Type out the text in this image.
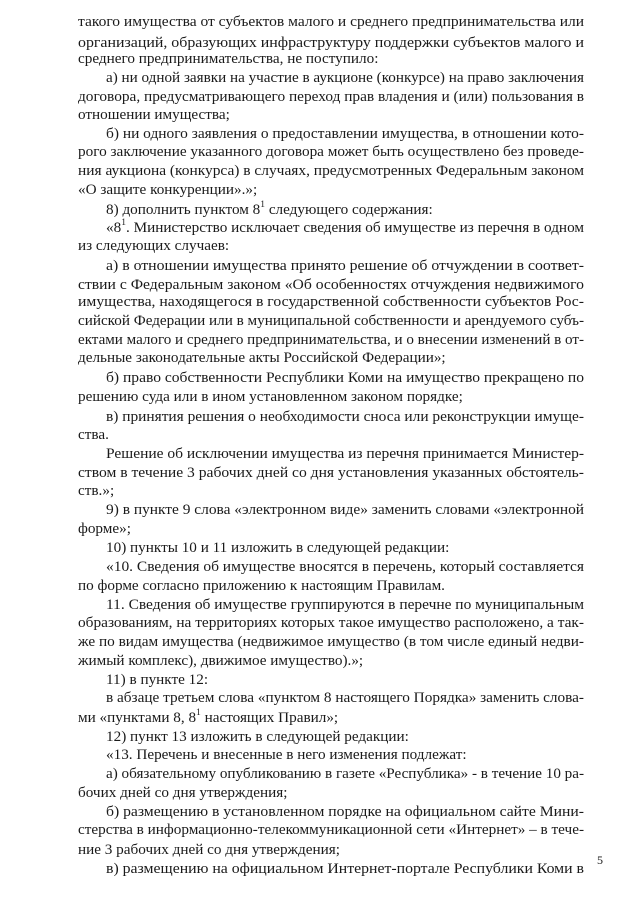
такого имущества от субъектов малого и среднего предпринимательства или
организаций, образующих инфраструктуру поддержки субъектов малого и
среднего предпринимательства, не поступило:
а) ни одной заявки на участие в аукционе (конкурсе) на право заключения
договора, предусматривающего переход прав владения и (или) пользования в
отношении имущества;
б) ни одного заявления о предоставлении имущества, в отношении кото-
рого заключение указанного договора может быть осуществлено без проведе-
ния аукциона (конкурса) в случаях, предусмотренных Федеральным законом
«О защите конкуренции».»;
8) дополнить пунктом $8^1$ следующего содержания:
«$8^1$. Министерство исключает сведения об имуществе из перечня в одном
из следующих случаев:
а) в отношении имущества принято решение об отчуждении в соответ-
ствии с Федеральным законом «Об особенностях отчуждения недвижимого
имущества, находящегося в государственной собственности субъектов Рос-
сийской Федерации или в муниципальной собственности и арендуемого субъ-
ектами малого и среднего предпринимательства, и о внесении изменений в от-
дельные законодательные акты Российской Федерации»;
б) право собственности Республики Коми на имущество прекращено по
решению суда или в ином установленном законом порядке;
в) принятия решения о необходимости сноса или реконструкции имуще-
ства.
Решение об исключении имущества из перечня принимается Министер-
ством в течение 3 рабочих дней со дня установления указанных обстоятель-
ств.»;
9) в пункте 9 слова «электронном виде» заменить словами «электронной
форме»;
10) пункты 10 и 11 изложить в следующей редакции:
«10. Сведения об имуществе вносятся в перечень, который составляется
по форме согласно приложению к настоящим Правилам.
11. Сведения об имуществе группируются в перечне по муниципальным
образованиям, на территориях которых такое имущество расположено, а так-
же по видам имущества (недвижимое имущество (в том числе единый недви-
жимый комплекс), движимое имущество).»;
11) в пункте 12:
в абзаце третьем слова «пунктом 8 настоящего Порядка» заменить слова-
ми «пунктами 8, $8^1$ настоящих Правил»;
12) пункт 13 изложить в следующей редакции:
«13. Перечень и внесенные в него изменения подлежат:
а) обязательному опубликованию в газете «Республика» - в течение 10 ра-
бочих дней со дня утверждения;
б) размещению в установленном порядке на официальном сайте Мини-
стерства в информационно-телекоммуникационной сети «Интернет» – в тече-
ние 3 рабочих дней со дня утверждения;
в) размещению на официальном Интернет-портале Республики Коми в 5
